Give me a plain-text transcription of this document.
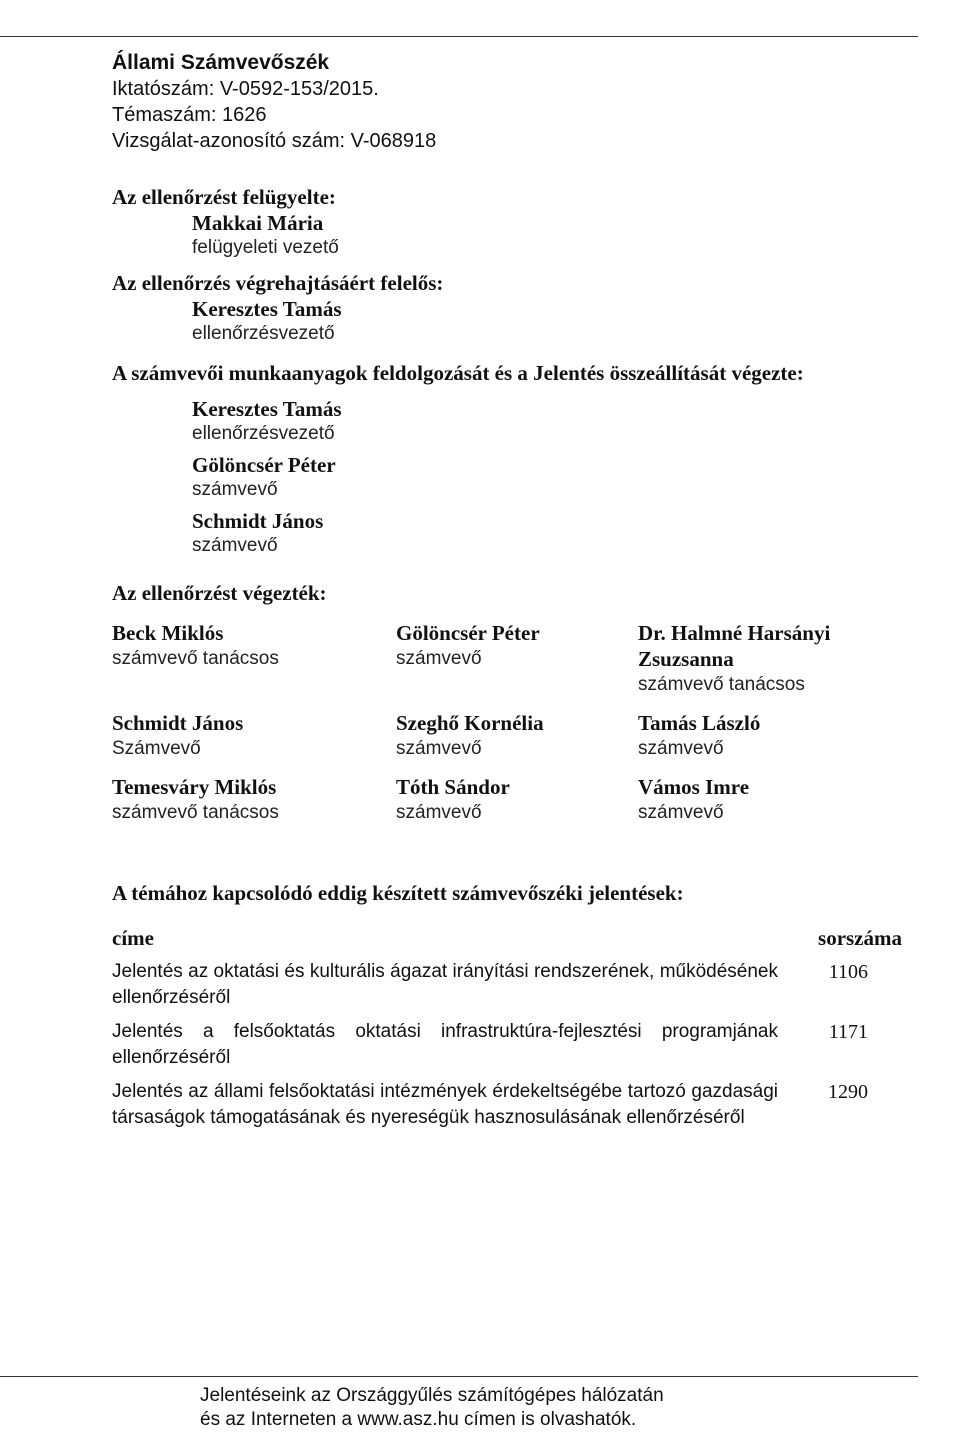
Állami Számvevőszék
Iktatószám: V-0592-153/2015.
Témaszám: 1626
Vizsgálat-azonosító szám: V-068918
Az ellenőrzést felügyelte:
Makkai Mária
felügyeleti vezető
Az ellenőrzés végrehajtásáért felelős:
Keresztes Tamás
ellenőrzésvezető
A számvevői munkaanyagok feldolgozását és a Jelentés összeállítását végezte:
Keresztes Tamás
ellenőrzésvezető
Gölöncsér Péter
számvevő
Schmidt János
számvevő
Az ellenőrzést végezték:
Beck Miklós
számvevő tanácsos
Gölöncsér Péter
számvevő
Dr. Halmné Harsányi Zsuzsanna
számvevő tanácsos
Schmidt János
Számvevő
Szeghő Kornélia
számvevő
Tamás László
számvevő
Temesváry Miklós
számvevő tanácsos
Tóth Sándor
számvevő
Vámos Imre
számvevő
A témához kapcsolódó eddig készített számvevőszéki jelentések:
címe	sorszáma
Jelentés az oktatási és kulturális ágazat irányítási rendszerének, működésének ellenőrzéséről
1106
Jelentés a felsőoktatás oktatási infrastruktúra-fejlesztési programjának ellenőrzéséről
1171
Jelentés az állami felsőoktatási intézmények érdekeltségébe tartozó gazdasági társaságok támogatásának és nyereségük hasznosulásának ellenőrzéséről
1290
Jelentéseink az Országgyűlés számítógépes hálózatán
és az Interneten a www.asz.hu címen is olvashatók.
